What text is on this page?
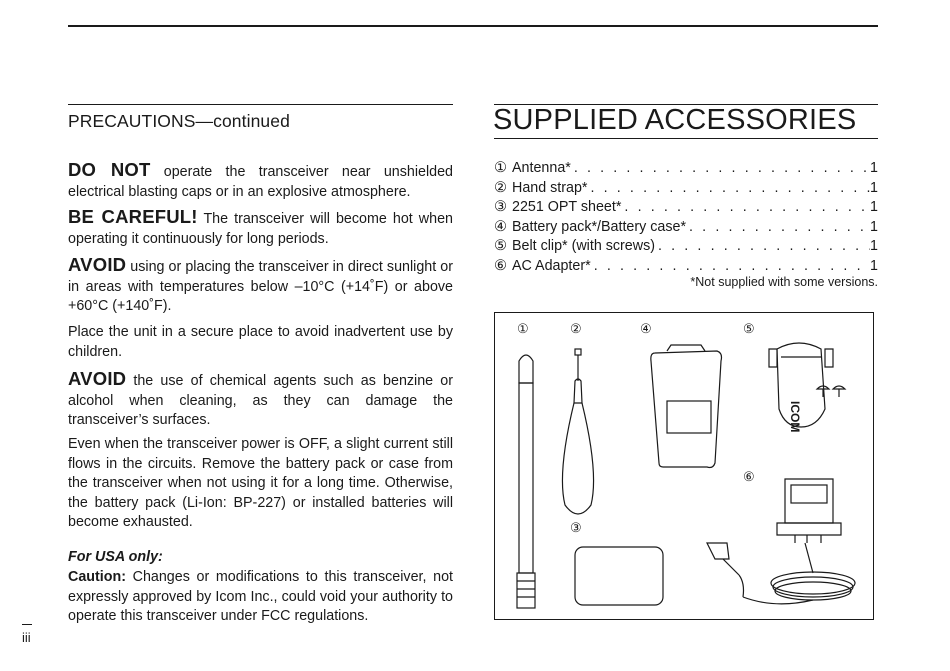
PRECAUTIONS—continued
DO NOT operate the transceiver near unshielded electrical blasting caps or in an explosive atmosphere.
BE CAREFUL! The transceiver will become hot when operating it continuously for long periods.
AVOID using or placing the transceiver in direct sunlight or in areas with temperatures below –10°C (+14˚F) or above +60°C (+140˚F).
Place the unit in a secure place to avoid inadvertent use by children.
AVOID the use of chemical agents such as benzine or alcohol when cleaning, as they can damage the transceiver’s surfaces.
Even when the transceiver power is OFF, a slight current still flows in the circuits. Remove the battery pack or case from the transceiver when not using it for a long time. Otherwise, the battery pack (Li-Ion: BP-227) or installed batteries will become exhausted.
For USA only:
Caution: Changes or modifications to this transceiver, not expressly approved by Icom Inc., could void your authority to operate this transceiver under FCC regulations.
iii
SUPPLIED ACCESSORIES
① Antenna* . . .	1
② Hand strap* . . .	1
③ 2251 OPT sheet* . . .	1
④ Battery pack*/Battery case* . . .	1
⑤ Belt clip* (with screws) . . .	1
⑥ AC Adapter* . . .	1
*Not supplied with some versions.
①	②	④	⑤
⑥
③
ICOM
